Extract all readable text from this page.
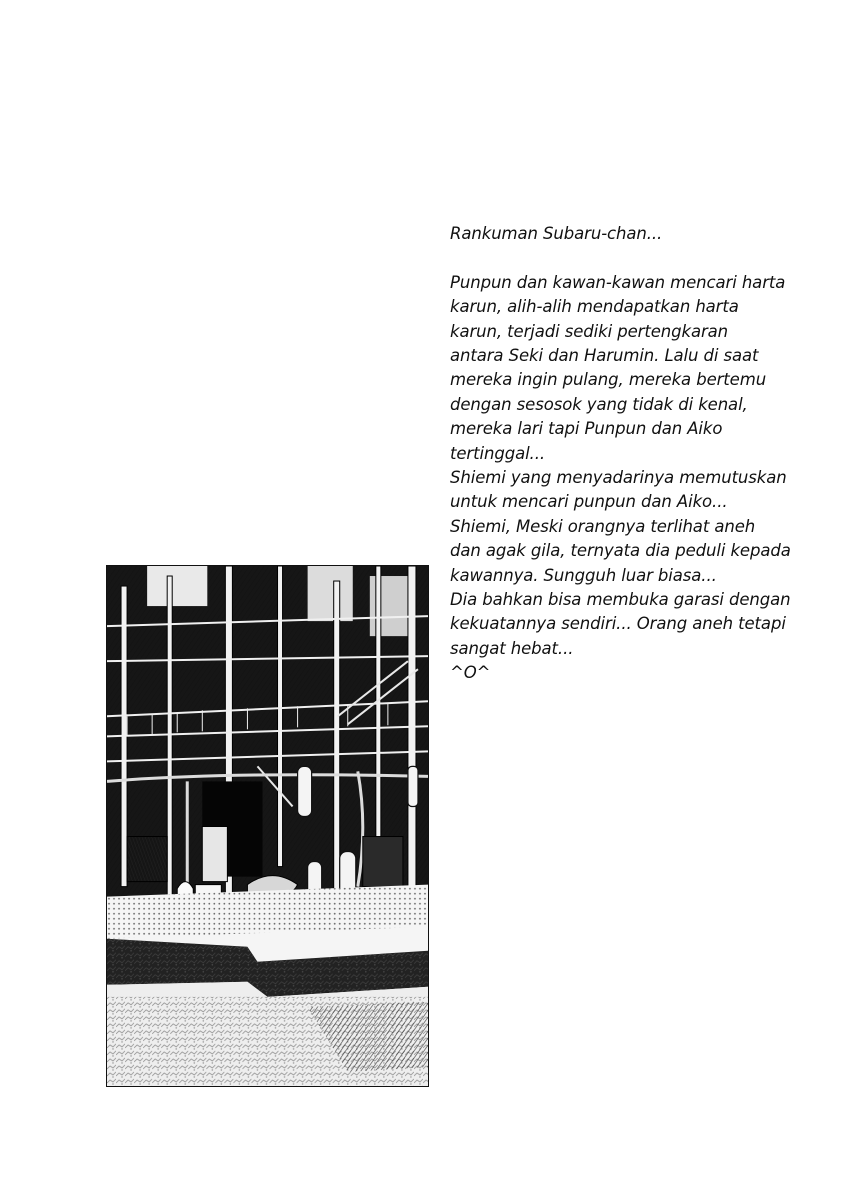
Rankuman Subaru-chan...

Punpun dan kawan-kawan mencari harta

karun, alih-alih mendapatkan harta

karun, terjadi sediki pertengkaran

antara Seki dan Harumin. Lalu di saat

mereka ingin pulang, mereka bertemu

dengan sesosok yang tidak di kenal,

mereka lari tapi Punpun dan Aiko

tertinggal...

Shiemi yang menyadarinya memutuskan

untuk mencari punpun dan Aiko...

Shiemi, Meski orangnya terlihat aneh

dan agak gila, ternyata dia peduli kepada

kawannya. Sungguh luar biasa...

Dia bahkan bisa membuka garasi dengan

kekuatannya sendiri... Orang aneh tetapi

sangat hebat...

^O^
